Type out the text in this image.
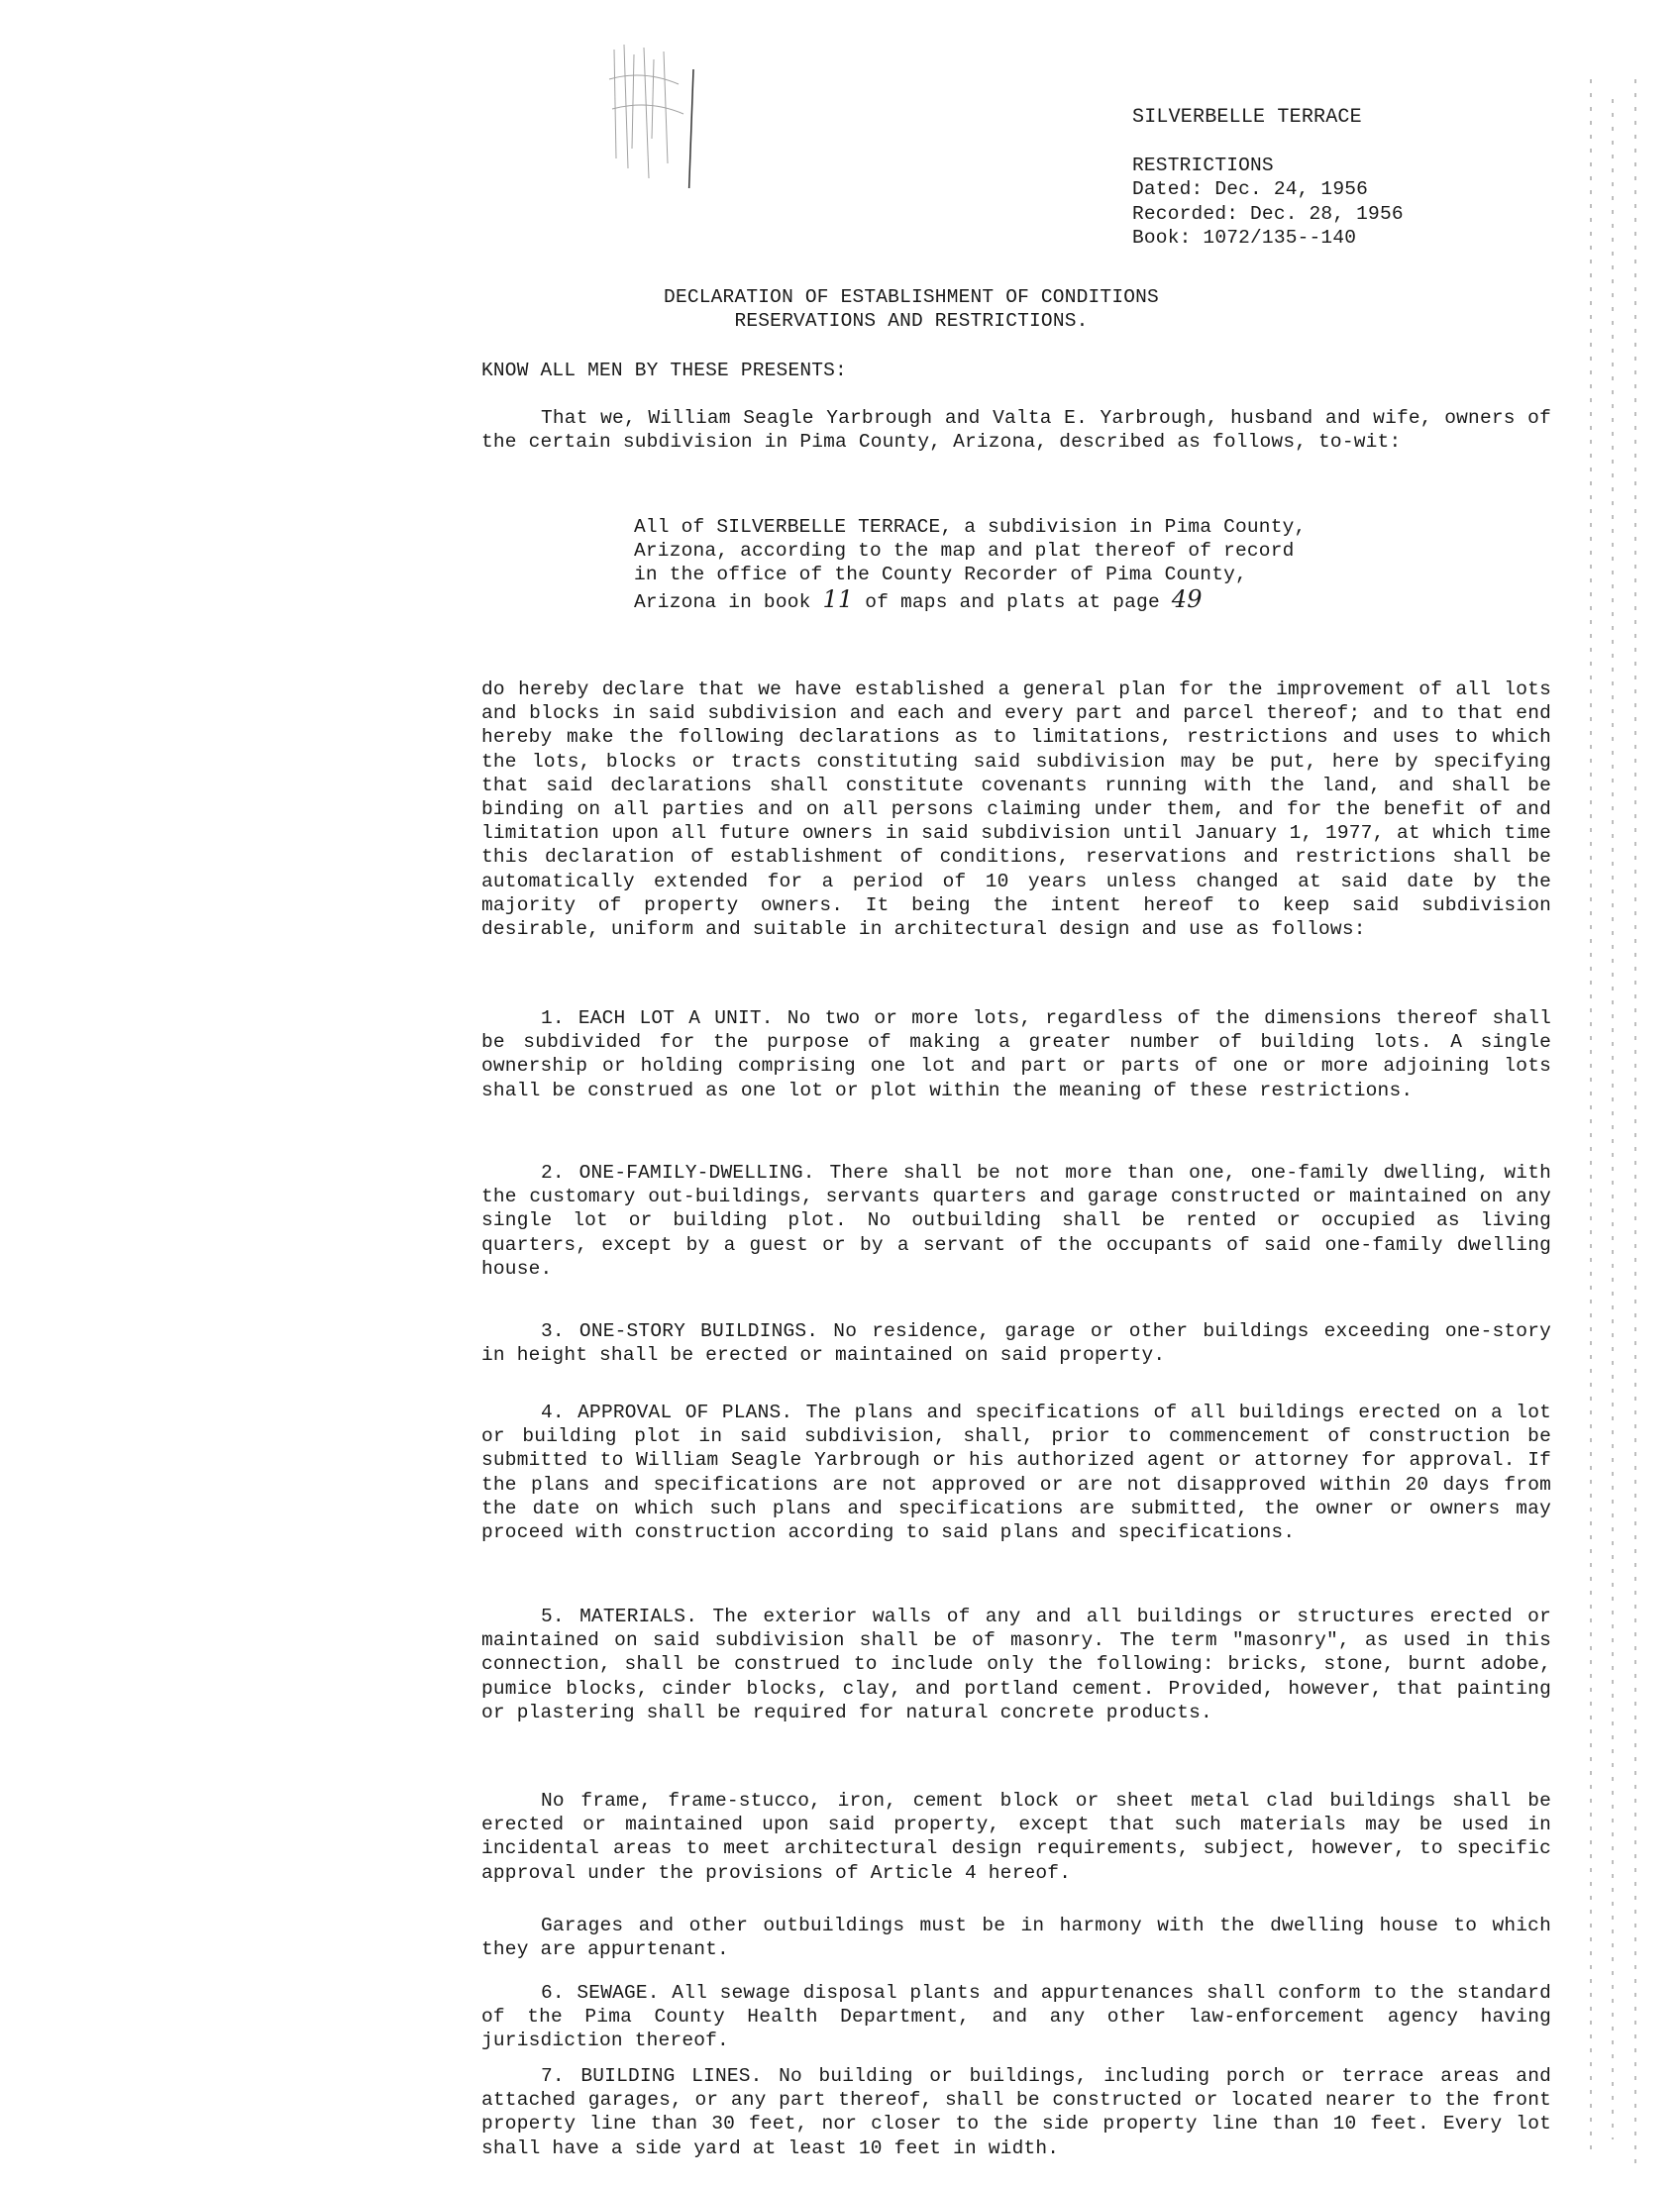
SILVERBELLE TERRACE
RESTRICTIONS
Dated: Dec. 24, 1956
Recorded: Dec. 28, 1956
Book: 1072/135--140
DECLARATION OF ESTABLISHMENT OF CONDITIONS
RESERVATIONS AND RESTRICTIONS.
KNOW ALL MEN BY THESE PRESENTS:
That we, William Seagle Yarbrough and Valta E. Yarbrough, husband and wife, owners of the certain subdivision in Pima County, Arizona, described as follows, to-wit:
All of SILVERBELLE TERRACE, a subdivision in Pima County, Arizona, according to the map and plat thereof of record in the office of the County Recorder of Pima County, Arizona in book 11 of maps and plats at page 49
do hereby declare that we have established a general plan for the improvement of all lots and blocks in said subdivision and each and every part and parcel thereof; and to that end hereby make the following declarations as to limitations, restrictions and uses to which the lots, blocks or tracts constituting said subdivision may be put, here by specifying that said declarations shall constitute covenants running with the land, and shall be binding on all parties and on all persons claiming under them, and for the benefit of and limitation upon all future owners in said subdivision until January 1, 1977, at which time this declaration of establishment of conditions, reservations and restrictions shall be automatically extended for a period of 10 years unless changed at said date by the majority of property owners. It being the intent hereof to keep said subdivision desirable, uniform and suitable in architectural design and use as follows:
1. EACH LOT A UNIT. No two or more lots, regardless of the dimensions thereof shall be subdivided for the purpose of making a greater number of building lots. A single ownership or holding comprising one lot and part or parts of one or more adjoining lots shall be construed as one lot or plot within the meaning of these restrictions.
2. ONE-FAMILY-DWELLING. There shall be not more than one, one-family dwelling, with the customary out-buildings, servants quarters and garage constructed or maintained on any single lot or building plot. No outbuilding shall be rented or occupied as living quarters, except by a guest or by a servant of the occupants of said one-family dwelling house.
3. ONE-STORY BUILDINGS. No residence, garage or other buildings exceeding one-story in height shall be erected or maintained on said property.
4. APPROVAL OF PLANS. The plans and specifications of all buildings erected on a lot or building plot in said subdivision, shall, prior to commencement of construction be submitted to William Seagle Yarbrough or his authorized agent or attorney for approval. If the plans and specifications are not approved or are not disapproved within 20 days from the date on which such plans and specifications are submitted, the owner or owners may proceed with construction according to said plans and specifications.
5. MATERIALS. The exterior walls of any and all buildings or structures erected or maintained on said subdivision shall be of masonry. The term "masonry", as used in this connection, shall be construed to include only the following: bricks, stone, burnt adobe, pumice blocks, cinder blocks, clay, and portland cement. Provided, however, that painting or plastering shall be required for natural concrete products.
No frame, frame-stucco, iron, cement block or sheet metal clad buildings shall be erected or maintained upon said property, except that such materials may be used in incidental areas to meet architectural design requirements, subject, however, to specific approval under the provisions of Article 4 hereof.
Garages and other outbuildings must be in harmony with the dwelling house to which they are appurtenant.
6. SEWAGE. All sewage disposal plants and appurtenances shall conform to the standard of the Pima County Health Department, and any other law-enforcement agency having jurisdiction thereof.
7. BUILDING LINES. No building or buildings, including porch or terrace areas and attached garages, or any part thereof, shall be constructed or located nearer to the front property line than 30 feet, nor closer to the side property line than 10 feet. Every lot shall have a side yard at least 10 feet in width.
